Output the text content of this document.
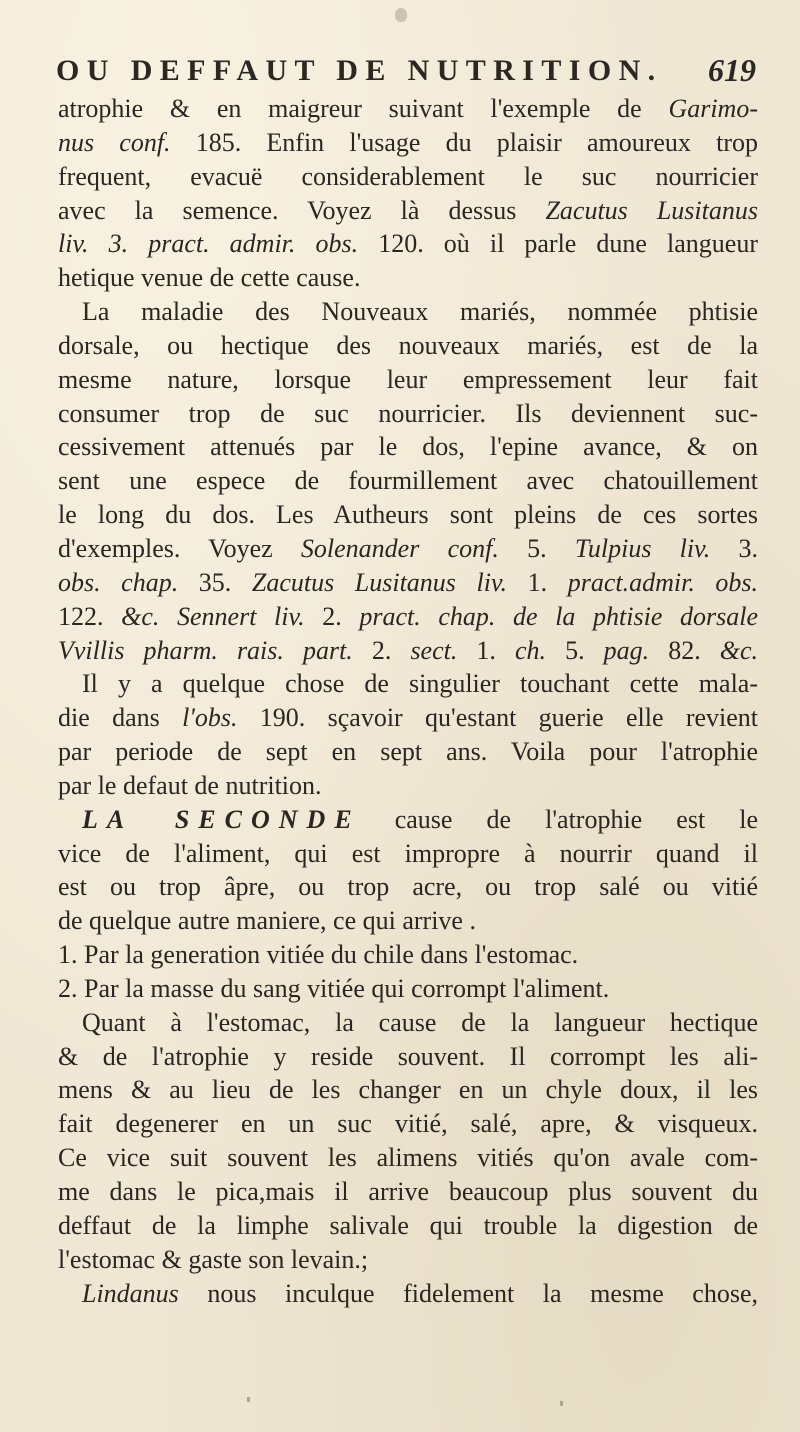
OU DEFFAUT DE NUTRITION. 619
atrophie & en maigreur suivant l'exemple de Garimo-
nus conf. 185. Enfin l'usage du plaisir amoureux trop
frequent, evacuë considerablement le suc nourricier
avec la semence. Voyez là dessus Zacutus Lusitanus
liv. 3. pract. admir. obs. 120. où il parle dune langueur
hetique venue de cette cause.
La maladie des Nouveaux mariés, nommée phtisie
dorsale, ou hectique des nouveaux mariés, est de la
mesme nature, lorsque leur empressement leur fait
consumer trop de suc nourricier. Ils deviennent suc-
cessivement attenués par le dos, l'epine avance, & on
sent une espece de fourmillement avec chatouillement
le long du dos. Les Autheurs sont pleins de ces sortes
d'exemples. Voyez Solenander conf. 5. Tulpius liv. 3.
obs. chap. 35. Zacutus Lusitanus liv. 1. pract.admir. obs.
122. &c. Sennert liv. 2. pract. chap. de la phtisie dorsale
Vvillis pharm. rais. part. 2. sect. 1. ch. 5. pag. 82. &c.
Il y a quelque chose de singulier touchant cette mala-
die dans l'obs. 190. sçavoir qu'estant guerie elle revient
par periode de sept en sept ans. Voila pour l'atrophie
par le defaut de nutrition.
LA SECONDE cause de l'atrophie est le
vice de l'aliment, qui est impropre à nourrir quand il
est ou trop âpre, ou trop acre, ou trop salé ou vitié
de quelque autre maniere, ce qui arrive .
1. Par la generation vitiée du chile dans l'estomac.
2. Par la masse du sang vitiée qui corrompt l'aliment.
Quant à l'estomac, la cause de la langueur hectique
& de l'atrophie y reside souvent. Il corrompt les ali-
mens & au lieu de les changer en un chyle doux, il les
fait degenerer en un suc vitié, salé, apre, & visqueux.
Ce vice suit souvent les alimens vitiés qu'on avale com-
me dans le pica,mais il arrive beaucoup plus souvent du
deffaut de la limphe salivale qui trouble la digestion de
l'estomac & gaste son levain.;
Lindanus nous inculque fidelement la mesme chose,
